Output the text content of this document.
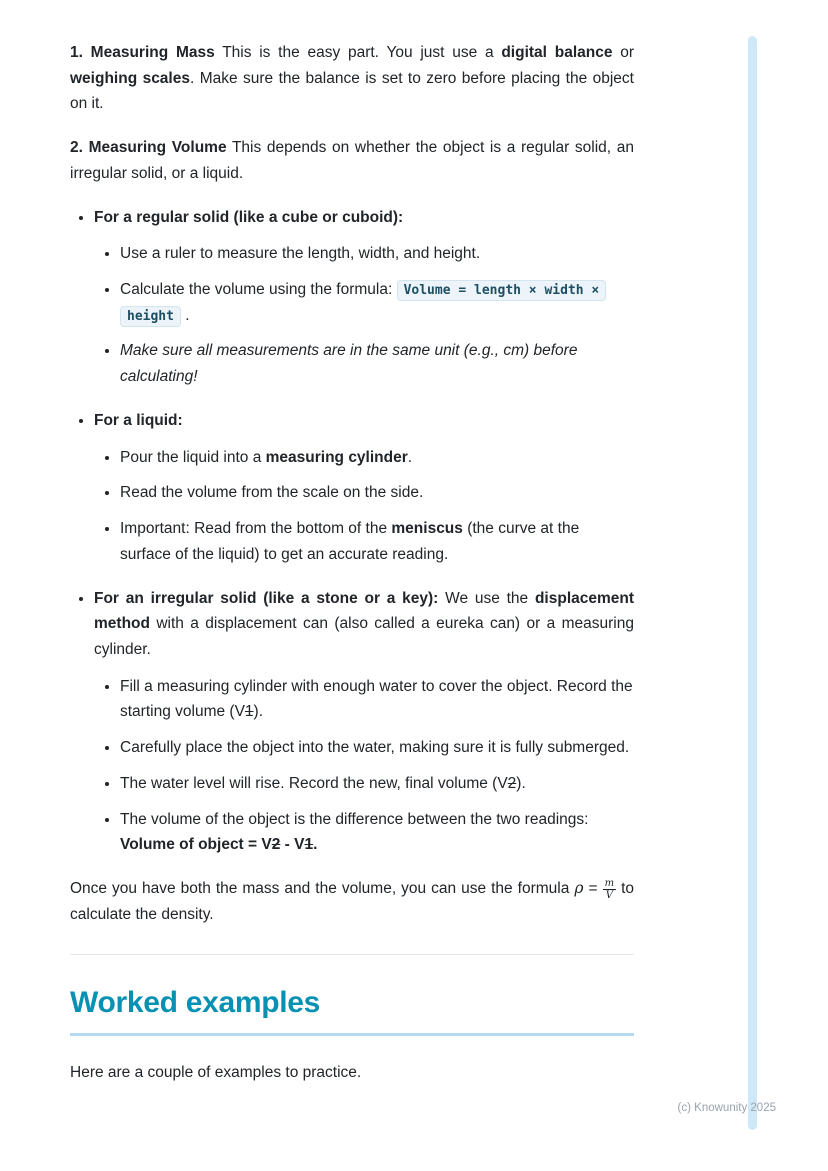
1. Measuring Mass This is the easy part. You just use a digital balance or weighing scales. Make sure the balance is set to zero before placing the object on it.

2. Measuring Volume This depends on whether the object is a regular solid, an irregular solid, or a liquid.

• For a regular solid (like a cube or cuboid):
• Use a ruler to measure the length, width, and height.
• Calculate the volume using the formula: Volume = length × width × height .
• Make sure all measurements are in the same unit (e.g., cm) before calculating!
• For a liquid:
• Pour the liquid into a measuring cylinder.
• Read the volume from the scale on the side.
• Important: Read from the bottom of the meniscus (the curve at the surface of the liquid) to get an accurate reading.
• For an irregular solid (like a stone or a key): We use the displacement method with a displacement can (also called a eureka can) or a measuring cylinder.
• Fill a measuring cylinder with enough water to cover the object. Record the starting volume (V1).
• Carefully place the object into the water, making sure it is fully submerged.
• The water level will rise. Record the new, final volume (V2).
• The volume of the object is the difference between the two readings: Volume of object = V2 - V1.

Once you have both the mass and the volume, you can use the formula $\rho = \frac{m}{V}$ to calculate the density.

Worked examples

Here are a couple of examples to practice.

(c) Knowunity 2025
